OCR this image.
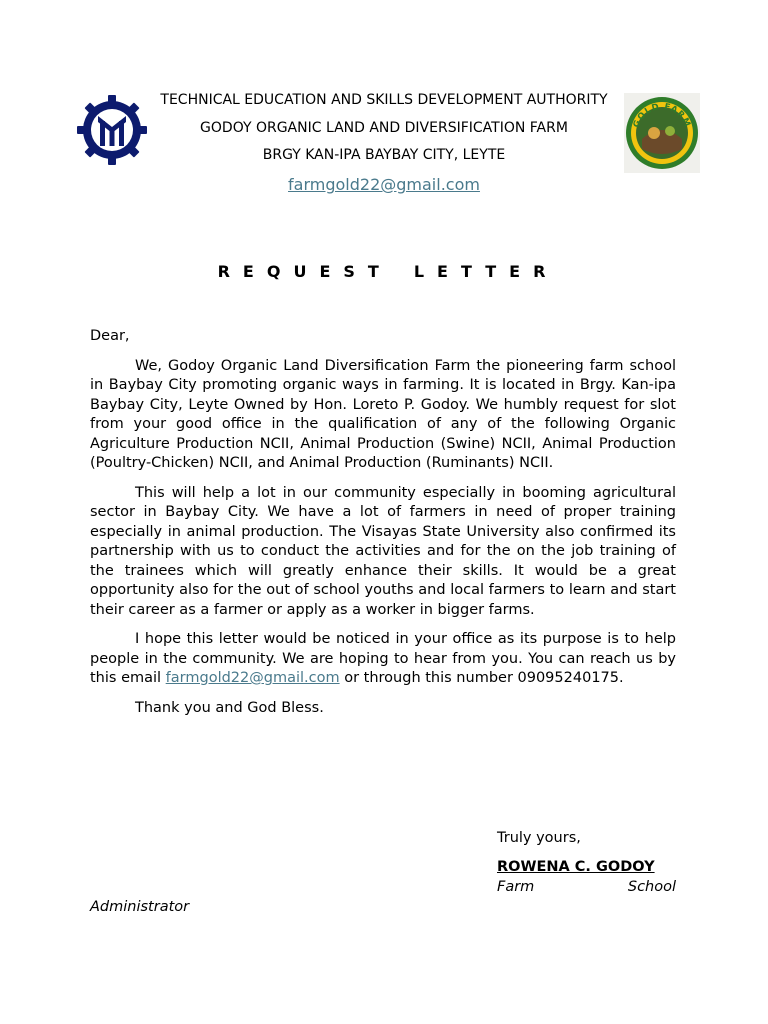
TECHNICAL EDUCATION AND SKILLS DEVELOPMENT AUTHORITY
GODOY ORGANIC LAND AND DIVERSIFICATION FARM
BRGY KAN-IPA BAYBAY CITY, LEYTE
farmgold22@gmail.com
GOLD FARM
REQUEST LETTER

Dear,

We, Godoy Organic Land Diversification Farm the pioneering farm school in Baybay City promoting organic ways in farming. It is located in Brgy. Kan-ipa Baybay City, Leyte Owned by Hon. Loreto P. Godoy. We humbly request for slot from your good office in the qualification of any of the following Organic Agriculture Production NCII, Animal Production (Swine) NCII, Animal Production (Poultry-Chicken) NCII, and Animal Production (Ruminants) NCII.

This will help a lot in our community especially in booming agricultural sector in Baybay City. We have a lot of farmers in need of proper training especially in animal production. The Visayas State University also confirmed its partnership with us to conduct the activities and for the on the job training of the trainees which will greatly enhance their skills. It would be a great opportunity also for the out of school youths and local farmers to learn and start their career as a farmer or apply as a worker in bigger farms.

I hope this letter would be noticed in your office as its purpose is to help people in the community. We are hoping to hear from you. You can reach us by this email farmgold22@gmail.com or through this number 09095240175.

Thank you and God Bless.

Truly yours,
ROWENA C. GODOY
Farm	School
Administrator
